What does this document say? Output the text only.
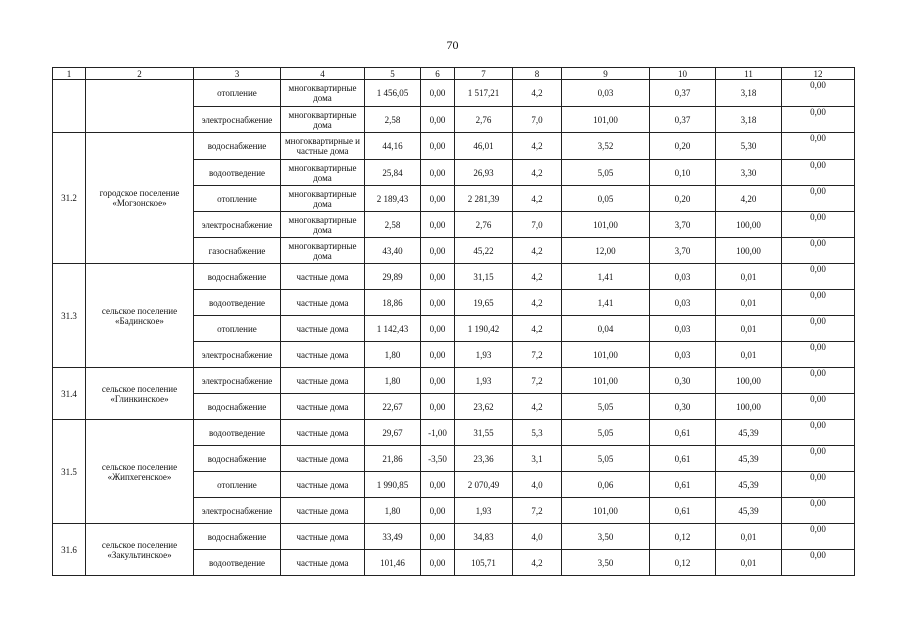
70
1	2	3	4	5	6	7	8	9	10	11	12
		отопление	многоквартирные дома	1 456,05	0,00	1 517,21	4,2	0,03	0,37	3,18	0,00
		электроснабжение	многоквартирные дома	2,58	0,00	2,76	7,0	101,00	0,37	3,18	0,00
31.2	городское поселение «Могзонское»	водоснабжение	многоквартирные и частные дома	44,16	0,00	46,01	4,2	3,52	0,20	5,30	0,00
		водоотведение	многоквартирные дома	25,84	0,00	26,93	4,2	5,05	0,10	3,30	0,00
		отопление	многоквартирные дома	2 189,43	0,00	2 281,39	4,2	0,05	0,20	4,20	0,00
		электроснабжение	многоквартирные дома	2,58	0,00	2,76	7,0	101,00	3,70	100,00	0,00
		газоснабжение	многоквартирные дома	43,40	0,00	45,22	4,2	12,00	3,70	100,00	0,00
31.3	сельское поселение «Бадинское»	водоснабжение	частные дома	29,89	0,00	31,15	4,2	1,41	0,03	0,01	0,00
		водоотведение	частные дома	18,86	0,00	19,65	4,2	1,41	0,03	0,01	0,00
		отопление	частные дома	1 142,43	0,00	1 190,42	4,2	0,04	0,03	0,01	0,00
		электроснабжение	частные дома	1,80	0,00	1,93	7,2	101,00	0,03	0,01	0,00
31.4	сельское поселение «Глинкинское»	электроснабжение	частные дома	1,80	0,00	1,93	7,2	101,00	0,30	100,00	0,00
		водоснабжение	частные дома	22,67	0,00	23,62	4,2	5,05	0,30	100,00	0,00
31.5	сельское поселение «Жипхегенское»	водоотведение	частные дома	29,67	-1,00	31,55	5,3	5,05	0,61	45,39	0,00
		водоснабжение	частные дома	21,86	-3,50	23,36	3,1	5,05	0,61	45,39	0,00
		отопление	частные дома	1 990,85	0,00	2 070,49	4,0	0,06	0,61	45,39	0,00
		электроснабжение	частные дома	1,80	0,00	1,93	7,2	101,00	0,61	45,39	0,00
31.6	сельское поселение «Закультинское»	водоснабжение	частные дома	33,49	0,00	34,83	4,0	3,50	0,12	0,01	0,00
		водоотведение	частные дома	101,46	0,00	105,71	4,2	3,50	0,12	0,01	0,00
